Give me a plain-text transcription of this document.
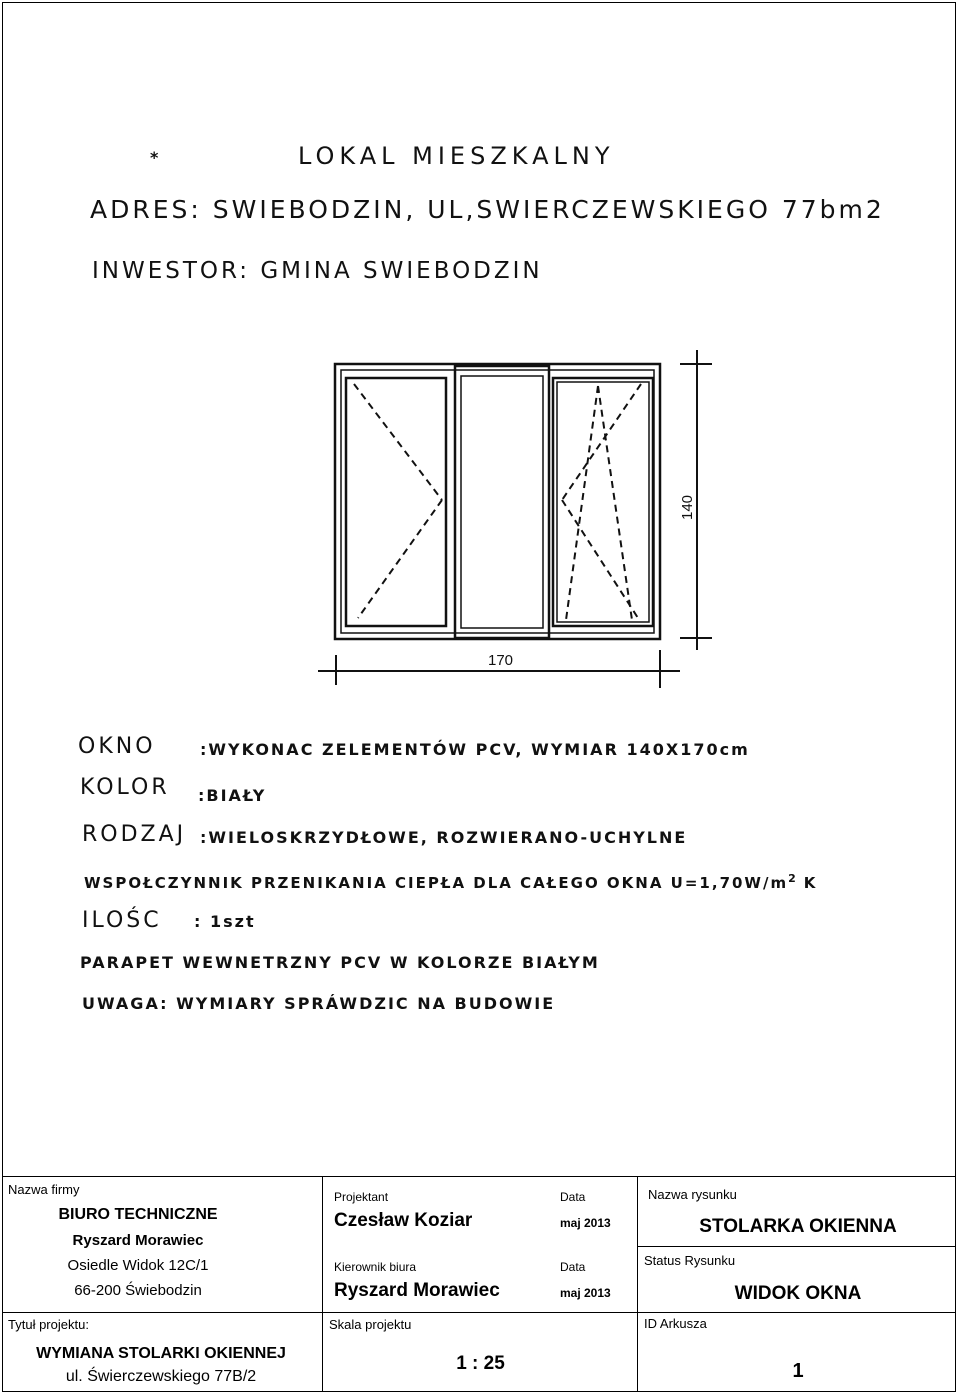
*	LOKAL MIESZKALNY
ADRES: SWIEBODZIN, UL,SWIERCZEWSKIEGO 77bm2
INWESTOR: GMINA SWIEBODZIN
140
170
OKNO	:WYKONAC ZELEMENTÓW PCV, WYMIAR 140X170cm
KOLOR :BIAŁY
RODZAJ :WIELOSKRZYDŁOWE, ROZWIERANO-UCHYLNE
WSPOŁCZYNNIK PRZENIKANIA CIEPŁA DLA CAŁEGO OKNA $U=1,70W/m^2$ K
ILOŚC : 1szt
PARAPET WEWNETRZNY PCV W KOLORZE BIAŁYM
UWAGA: WYMIARY SPRÁWDZIC NA BUDOWIE
Nazwa firmy
BIURO TECHNICZNE
Ryszard Morawiec
Osiedle Widok 12C/1
66-200 Świebodzin
Projektant
Czesław Koziar
Data
maj 2013
Kierownik biura
Ryszard Morawiec
Data
maj 2013
Nazwa rysunku
STOLARKA OKIENNA
Status Rysunku
WIDOK OKNA
Tytuł projektu:
WYMIANA STOLARKI OKIENNEJ
ul. Świerczewskiego 77B/2
Skala projektu
1 : 25
ID Arkusza
1
